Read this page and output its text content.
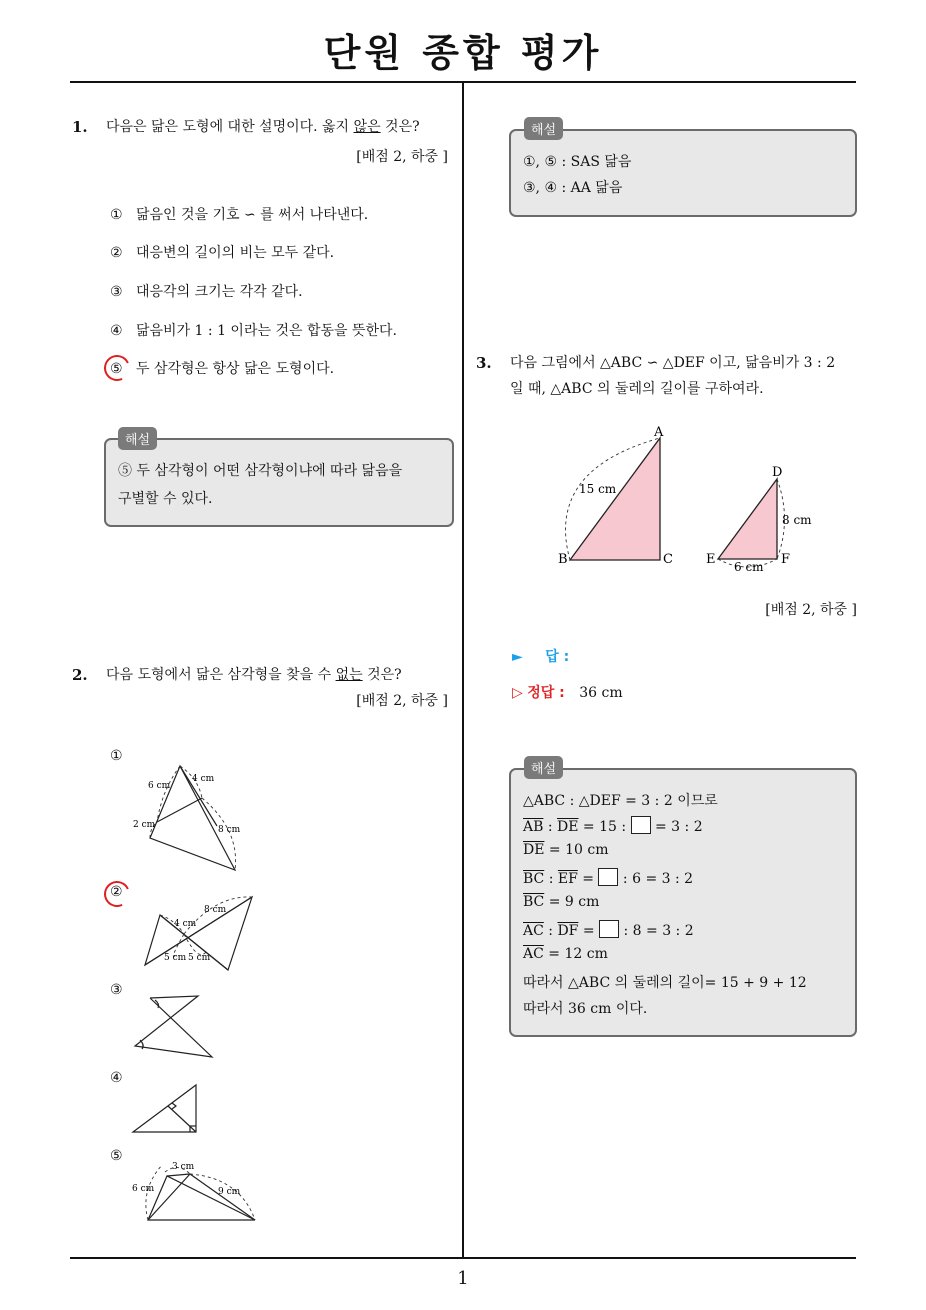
단원 종합 평가
1
1. 다음은 닮은 도형에 대한 설명이다. 옳지 않은 것은?
[배점 2, 하중 ]
① 닮음인 것을 기호 ∽ 를 써서 나타낸다.
② 대응변의 길이의 비는 모두 같다.
③ 대응각의 크기는 각각 같다.
④ 닮음비가 1 : 1 이라는 것은 합동을 뜻한다.
⑤ 두 삼각형은 항상 닮은 도형이다.
⑤ 두 삼각형이 어떤 삼각형이냐에 따라 닮음을
구별할 수 있다.
해설
2. 다음 도형에서 닮은 삼각형을 찾을 수 없는 것은?
[배점 2, 하중 ]
①
②
③
④
⑤
6 cm
4 cm
2 cm	8 cm
8 cm
4 cm
5 cm 5 cm
3 cm
6 cm	9 cm
①, ⑤ : SAS 닮음
③, ④ : AA 닮음
해설
3. 다음 그림에서 △ABC ∽ △DEF 이고, 닮음비가 3 : 2
일 때, △ABC 의 둘레의 길이를 구하여라.
A
B	C
D
E	F
15 cm
8 cm
6 cm
[배점 2, 하중 ]
► 답 :
▷ 정답 : 36 cm
△ABC : △DEF = 3 : 2 이므로
$\overline{AB}$ : $\overline{DE} = 15$ :  = 3 : 2
$\overline{DE} = 10$ cm
$\overline{BC}$ : $\overline{EF}$ =  : 6 = 3 : 2
$\overline{BC} = 9$ cm
$\overline{AC}$ : $\overline{DF}$ =  : 8 = 3 : 2
$\overline{AC} = 12$ cm
따라서 △ABC 의 둘레의 길이= 15 + 9 + 12
따라서 36 cm 이다.
해설
